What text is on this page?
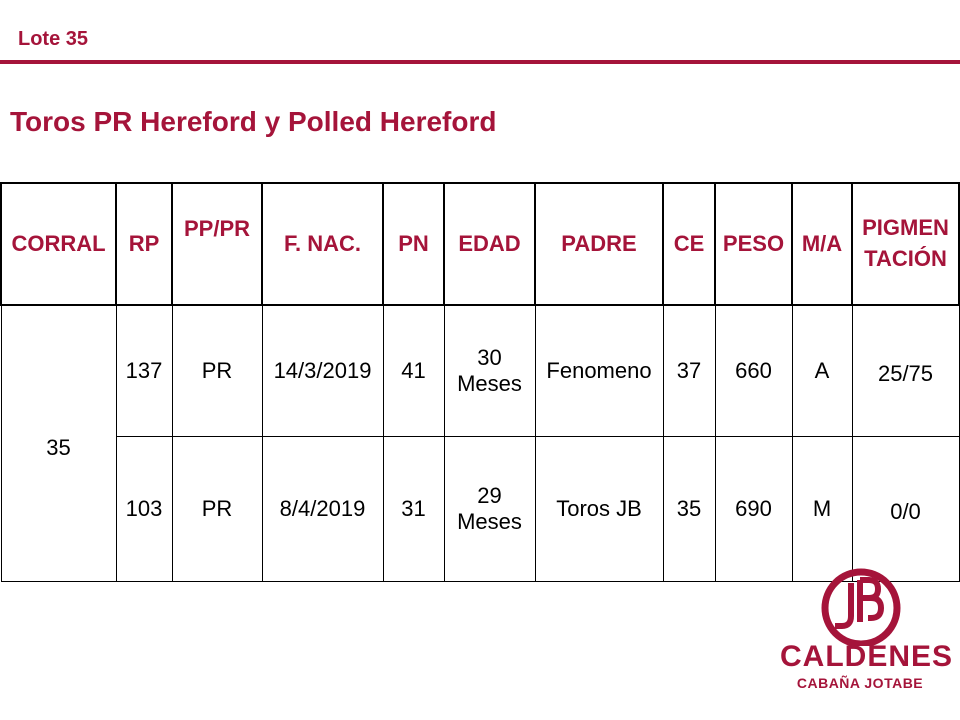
Lote 35
Toros PR Hereford y Polled Hereford
CORRAL	RP	PP/PR	F. NAC.	PN	EDAD	PADRE	CE	PESO	M/A	PIGMEN
TACIÓN

35	137	PR	14/3/2019	41	30
Meses	Fenomeno	37	660	A	25/75
	103	PR	8/4/2019	31	29
Meses	Toros JB	35	690	M	0/0
CALDENES
CABAÑA JOTABE
